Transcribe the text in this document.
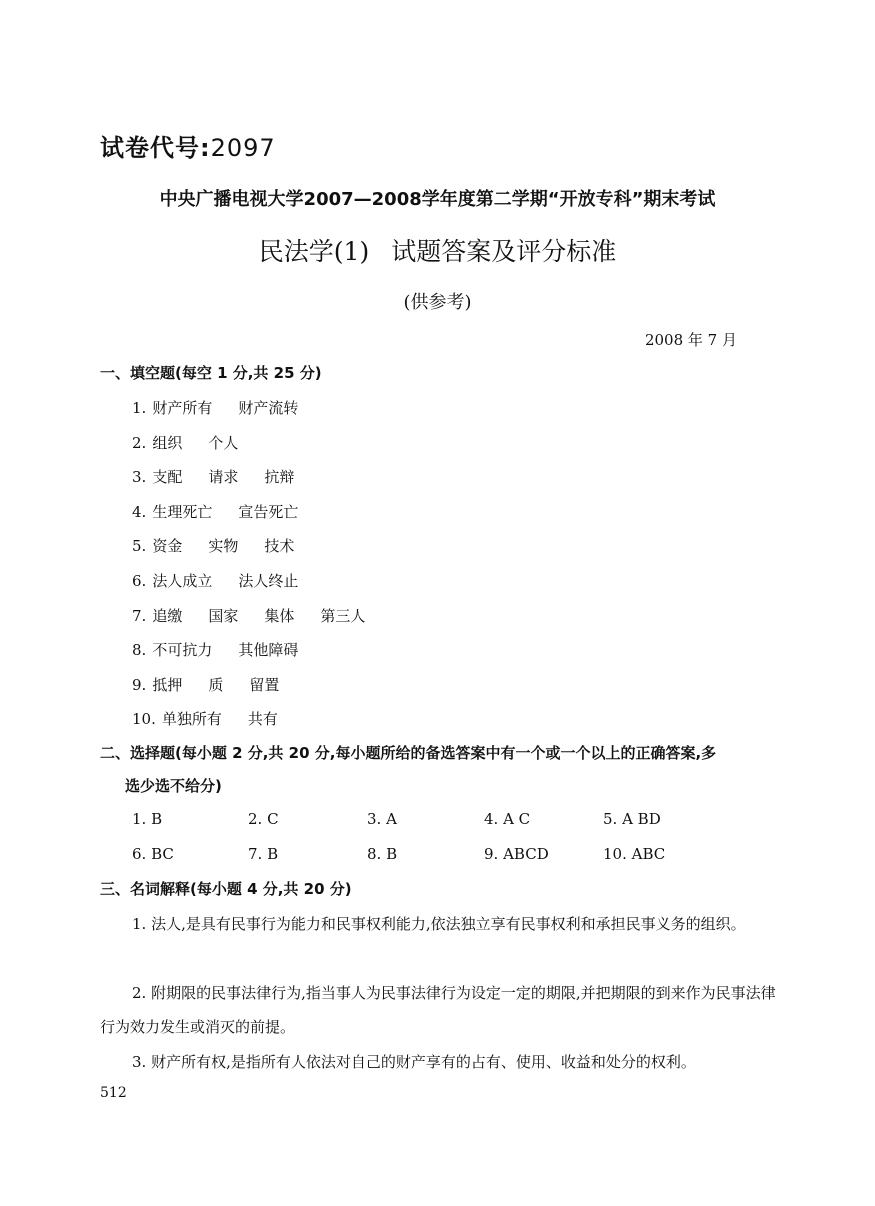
试卷代号:2097
中央广播电视大学2007—2008学年度第二学期“开放专科”期末考试
民法学(1) 试题答案及评分标准
(供参考)
2008 年 7 月
一、填空题(每空 1 分,共 25 分)
1. 财产所有 财产流转
2. 组织 个人
3. 支配 请求 抗辩
4. 生理死亡 宣告死亡
5. 资金 实物 技术
6. 法人成立 法人终止
7. 追缴 国家 集体 第三人
8. 不可抗力 其他障碍
9. 抵押 质 留置
10. 单独所有 共有
二、选择题(每小题 2 分,共 20 分,每小题所给的备选答案中有一个或一个以上的正确答案,多
选少选不给分)
1. B	2. C	3. A	4. A C	5. A BD
6. BC	7. B	8. B	9. ABCD	10. ABC
三、名词解释(每小题 4 分,共 20 分)
1. 法人,是具有民事行为能力和民事权利能力,依法独立享有民事权利和承担民事义务的组织。
2. 附期限的民事法律行为,指当事人为民事法律行为设定一定的期限,并把期限的到来作为民事法律行为效力发生或消灭的前提。
3. 财产所有权,是指所有人依法对自己的财产享有的占有、使用、收益和处分的权利。
512
